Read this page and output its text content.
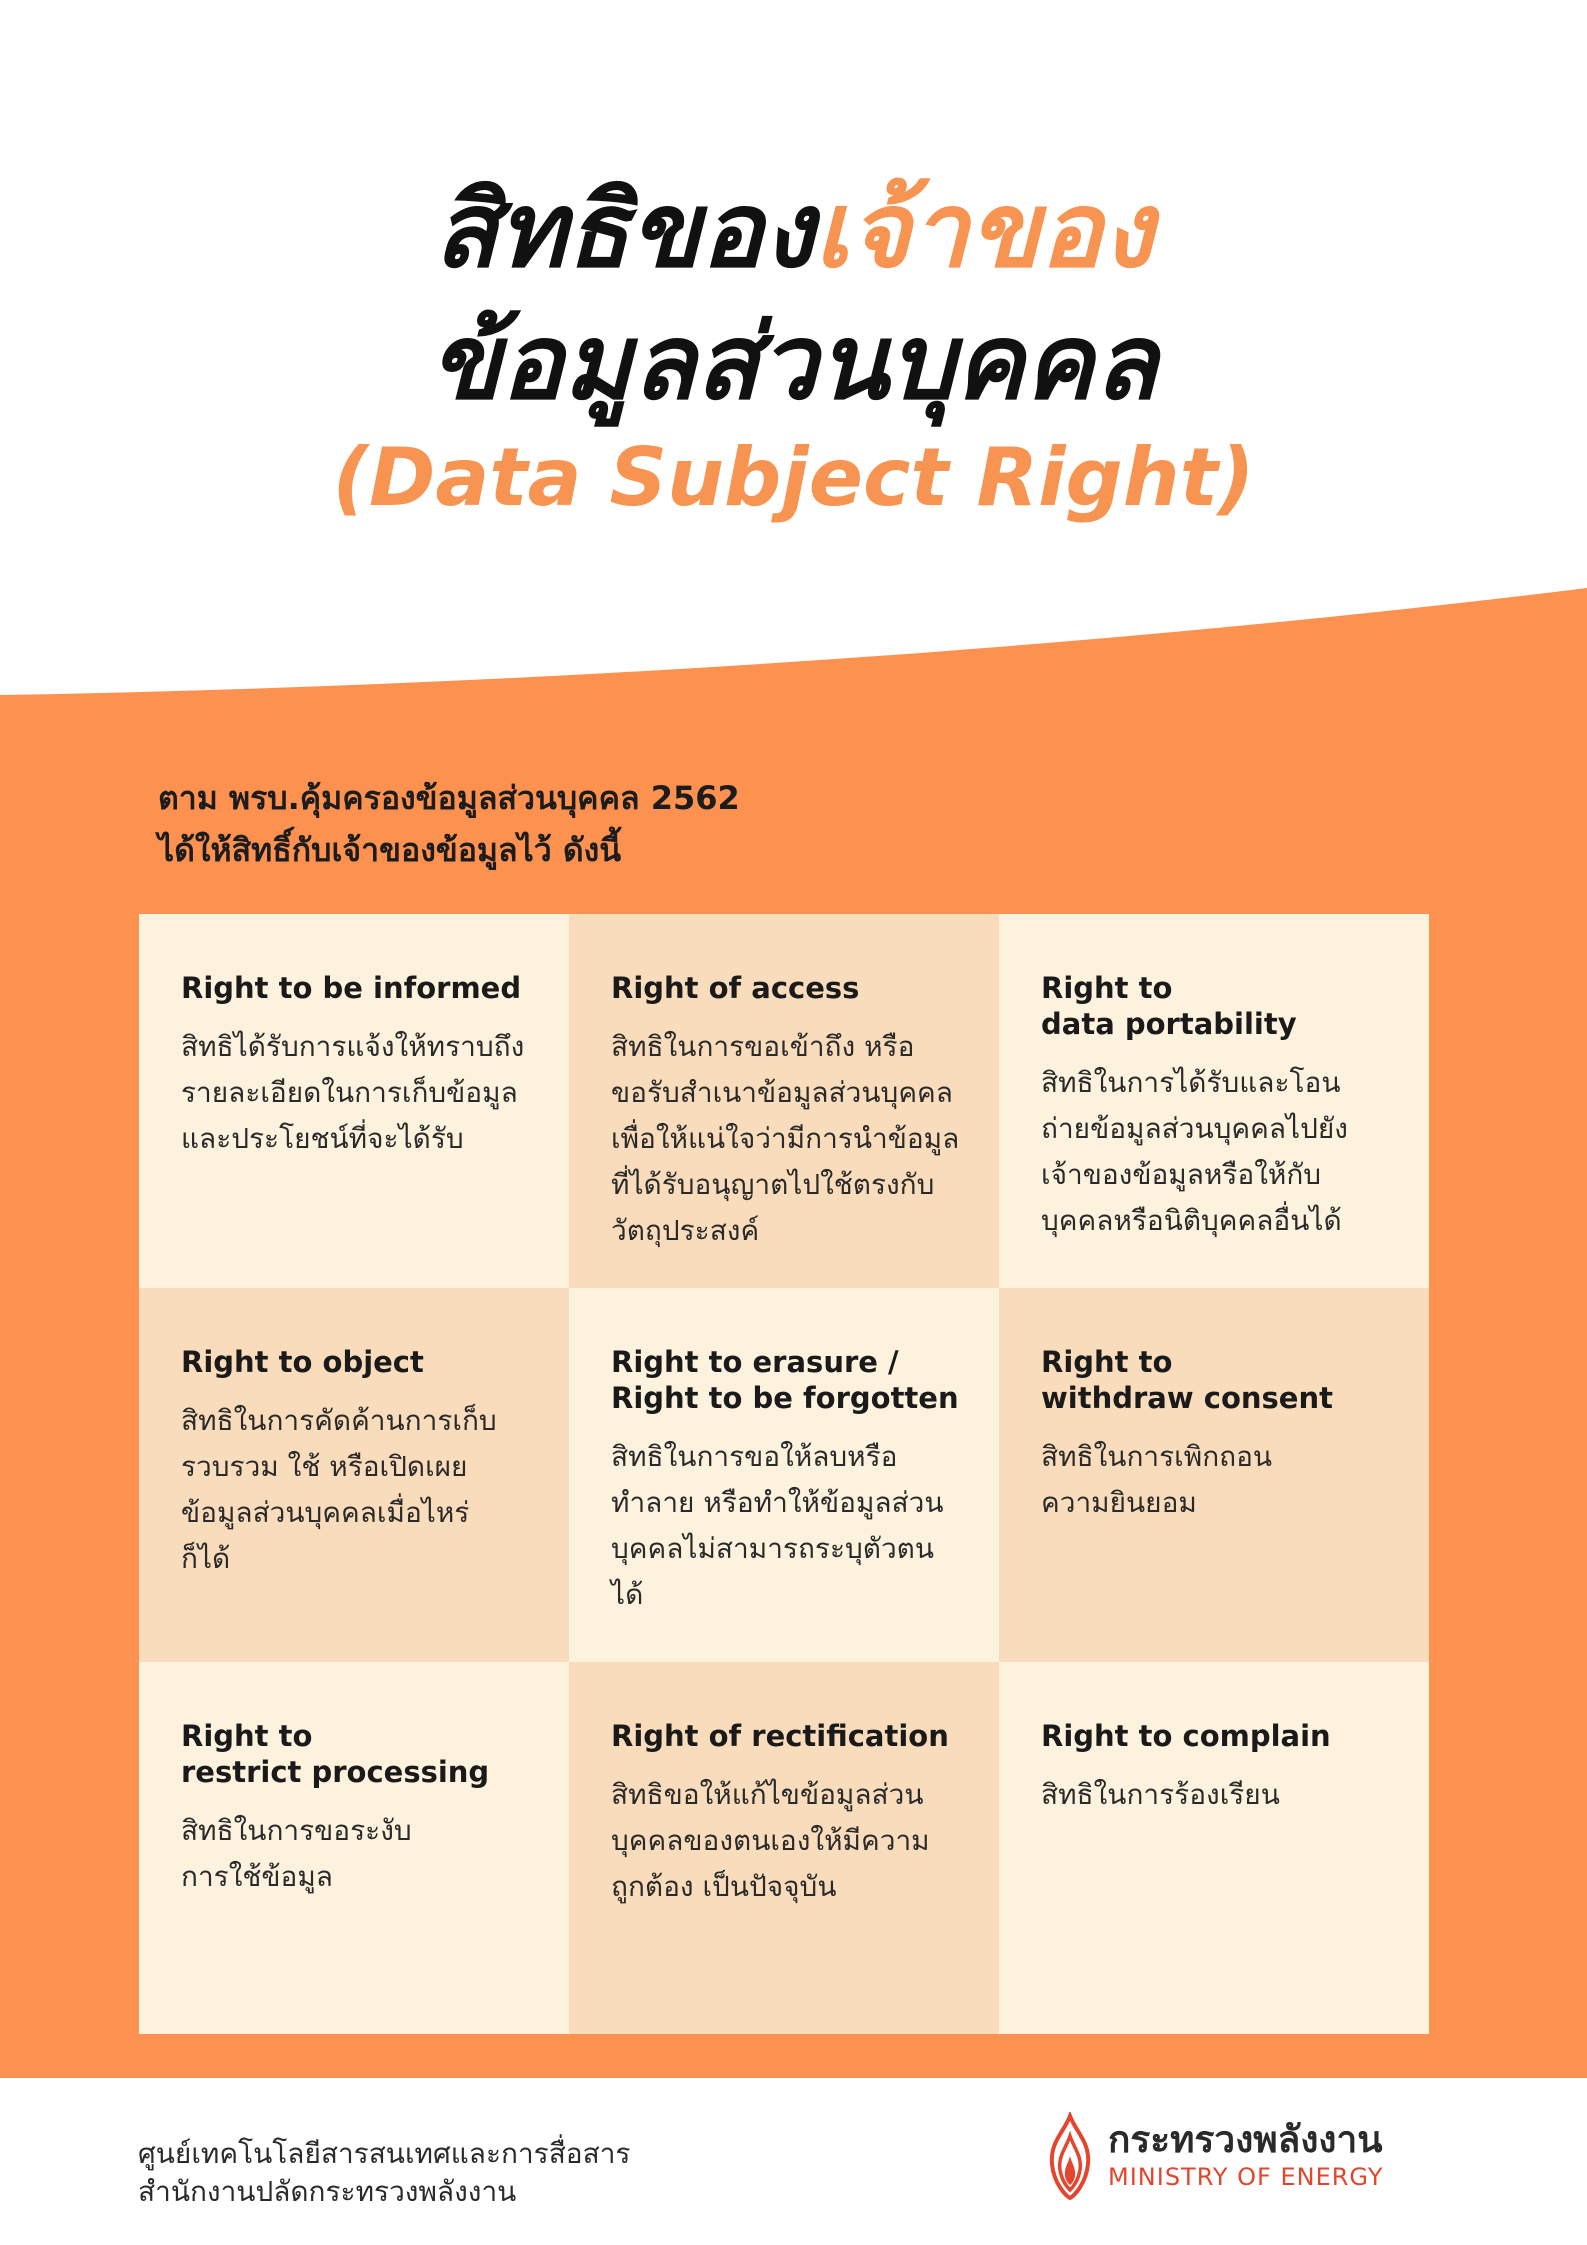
สิทธิของเจ้าของ
ข้อมูลส่วนบุคคล
(Data Subject Right)
ตาม พรบ.คุ้มครองข้อมูลส่วนบุคคล 2562
ได้ให้สิทธิ์กับเจ้าของข้อมูลไว้ ดังนี้
Right to be informed
สิทธิได้รับการแจ้งให้ทราบถึง
รายละเอียดในการเก็บข้อมูล
และประโยชน์ที่จะได้รับ
Right of access
สิทธิในการขอเข้าถึง หรือ
ขอรับสำเนาข้อมูลส่วนบุคคล
เพื่อให้แน่ใจว่ามีการนำข้อมูล
ที่ได้รับอนุญาตไปใช้ตรงกับ
วัตถุประสงค์
Right to
data portability
สิทธิในการได้รับและโอน
ถ่ายข้อมูลส่วนบุคคลไปยัง
เจ้าของข้อมูลหรือให้กับ
บุคคลหรือนิติบุคคลอื่นได้
Right to object
สิทธิในการคัดค้านการเก็บ
รวบรวม ใช้ หรือเปิดเผย
ข้อมูลส่วนบุคคลเมื่อไหร่
ก็ได้
Right to erasure /
Right to be forgotten
สิทธิในการขอให้ลบหรือ
ทำลาย หรือทำให้ข้อมูลส่วน
บุคคลไม่สามารถระบุตัวตนได้
Right to
withdraw consent
สิทธิในการเพิกถอน
ความยินยอม
Right to
restrict processing
สิทธิในการขอระงับ
การใช้ข้อมูล
Right of rectification
สิทธิขอให้แก้ไขข้อมูลส่วน
บุคคลของตนเองให้มีความ
ถูกต้อง เป็นปัจจุบัน
Right to complain
สิทธิในการร้องเรียน
ศูนย์เทคโนโลยีสารสนเทศและการสื่อสาร
สำนักงานปลัดกระทรวงพลังงาน
กระทรวงพลังงาน
MINISTRY OF ENERGY
